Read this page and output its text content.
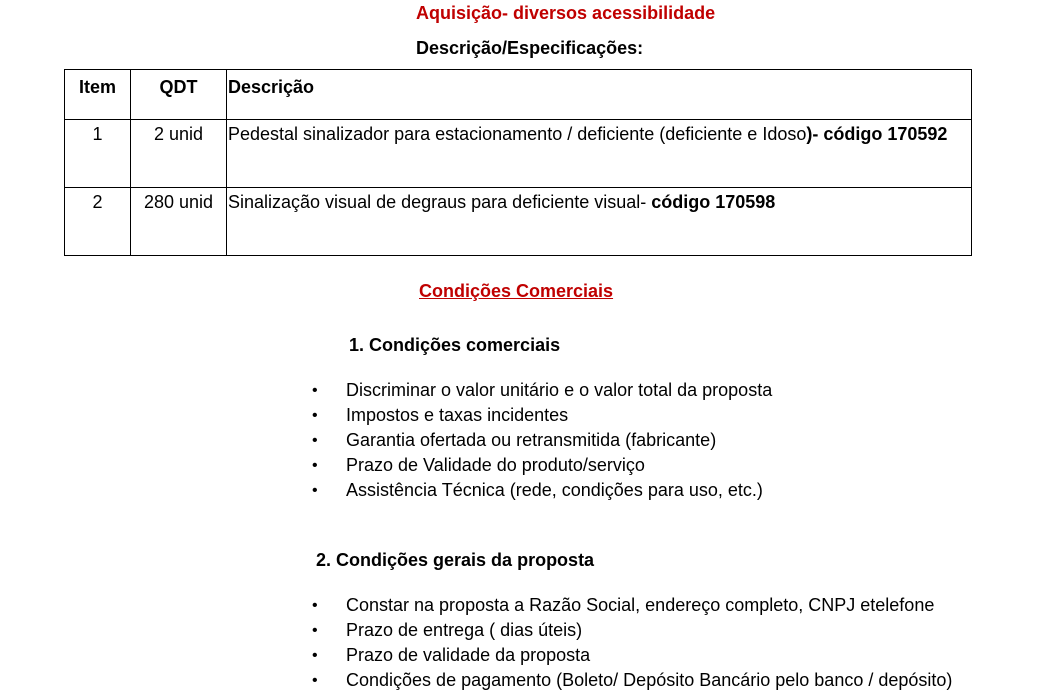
Aquisição- diversos acessibilidade
Descrição/Especificações:
Item	QDT	Descrição
1	2 unid	Pedestal sinalizador para estacionamento / deficiente (deficiente e Idoso)- código 170592
2	280 unid	Sinalização visual de degraus para deficiente visual- código 170598
Condições Comerciais
1. Condições comerciais
• Discriminar o valor unitário e o valor total da proposta
• Impostos e taxas incidentes
• Garantia ofertada ou retransmitida (fabricante)
• Prazo de Validade do produto/serviço
• Assistência Técnica (rede, condições para uso, etc.)
2. Condições gerais da proposta
• Constar na proposta a Razão Social, endereço completo, CNPJ etelefone
• Prazo de entrega ( dias úteis)
• Prazo de validade da proposta
• Condições de pagamento (Boleto/ Depósito Bancário pelo banco / depósito)
